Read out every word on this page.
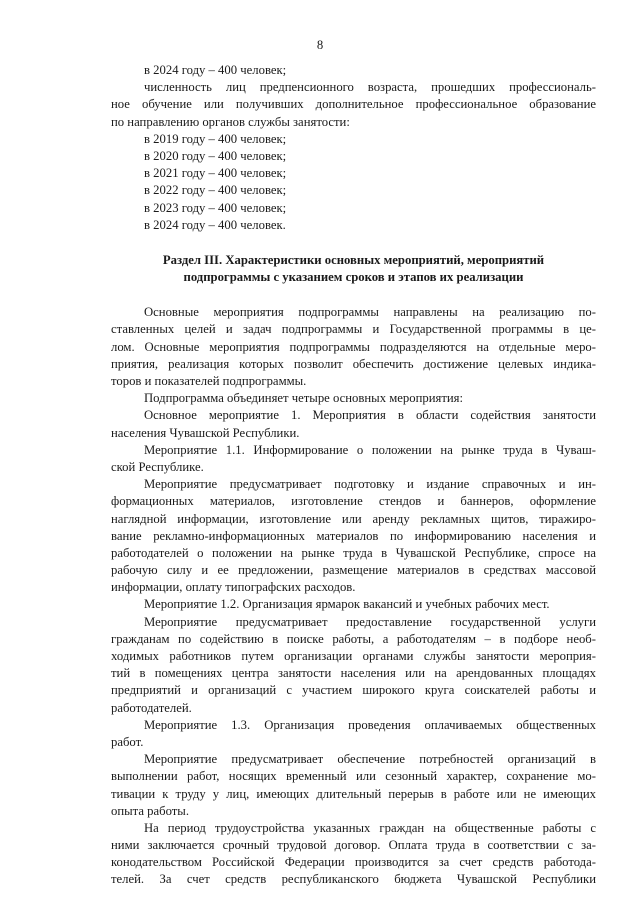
8
в 2024 году – 400 человек;
численность лиц предпенсионного возраста, прошедших профессиональ-
ное обучение или получивших дополнительное профессиональное образование
по направлению органов службы занятости:
в 2019 году – 400 человек;
в 2020 году – 400 человек;
в 2021 году – 400 человек;
в 2022 году – 400 человек;
в 2023 году – 400 человек;
в 2024 году – 400 человек.
Раздел III. Характеристики основных мероприятий, мероприятий
подпрограммы с указанием сроков и этапов их реализации
Основные мероприятия подпрограммы направлены на реализацию по-
ставленных целей и задач подпрограммы и Государственной программы в це-
лом. Основные мероприятия подпрограммы подразделяются на отдельные меро-
приятия, реализация которых позволит обеспечить достижение целевых индика-
торов и показателей подпрограммы.
Подпрограмма объединяет четыре основных мероприятия:
Основное мероприятие 1. Мероприятия в области содействия занятости
населения Чувашской Республики.
Мероприятие 1.1. Информирование о положении на рынке труда в Чуваш-
ской Республике.
Мероприятие предусматривает подготовку и издание справочных и ин-
формационных материалов, изготовление стендов и баннеров, оформление
наглядной информации, изготовление или аренду рекламных щитов, тиражиро-
вание рекламно-информационных материалов по информированию населения и
работодателей о положении на рынке труда в Чувашской Республике, спросе на
рабочую силу и ее предложении, размещение материалов в средствах массовой
информации, оплату типографских расходов.
Мероприятие 1.2. Организация ярмарок вакансий и учебных рабочих мест.
Мероприятие предусматривает предоставление государственной услуги
гражданам по содействию в поиске работы, а работодателям – в подборе необ-
ходимых работников путем организации органами службы занятости мероприя-
тий в помещениях центра занятости населения или на арендованных площадях
предприятий и организаций с участием широкого круга соискателей работы и
работодателей.
Мероприятие 1.3. Организация проведения оплачиваемых общественных
работ.
Мероприятие предусматривает обеспечение потребностей организаций в
выполнении работ, носящих временный или сезонный характер, сохранение мо-
тивации к труду у лиц, имеющих длительный перерыв в работе или не имеющих
опыта работы.
На период трудоустройства указанных граждан на общественные работы с
ними заключается срочный трудовой договор. Оплата труда в соответствии с за-
конодательством Российской Федерации производится за счет средств работода-
телей. За счет средств республиканского бюджета Чувашской Республики
